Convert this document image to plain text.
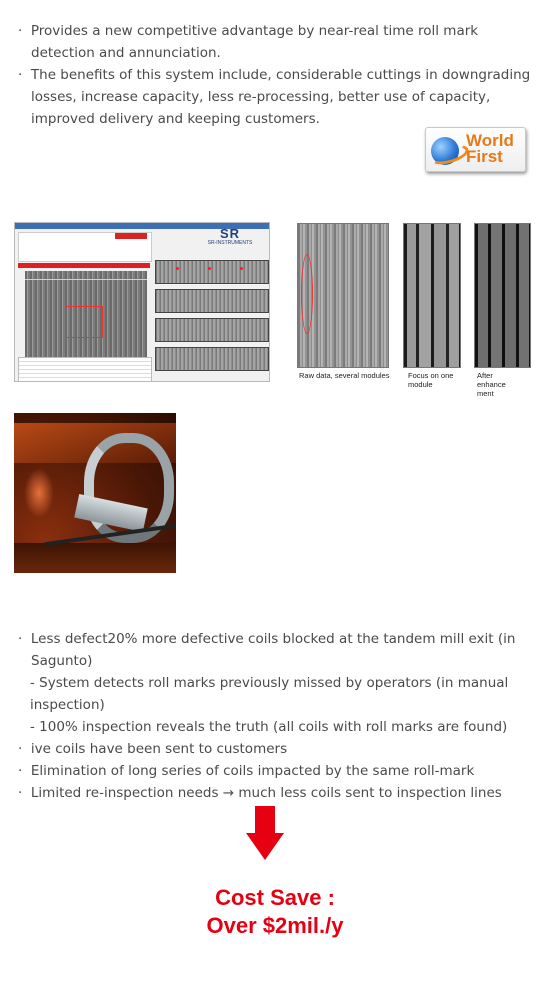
· Provides a new competitive advantage by near-real time roll mark detection and annunciation.
· The benefits of this system include, considerable cuttings in downgrading losses, increase capacity, less re-processing, better use of capacity, improved delivery and keeping customers.
World
First
SR
SR-INSTRUMENTS
Raw data, several modules	Focus on one module
After enhance ment
· Less defect20% more defective coils blocked at the tandem mill exit (in Sagunto)
- System detects roll marks previously missed by operators (in manual inspection)
- 100% inspection reveals the truth (all coils with roll marks are found)
· ive coils have been sent to customers
· Elimination of long series of coils impacted by the same roll-mark
· Limited re-inspection needs → much less coils sent to inspection lines
Cost Save :
Over $2mil./y
